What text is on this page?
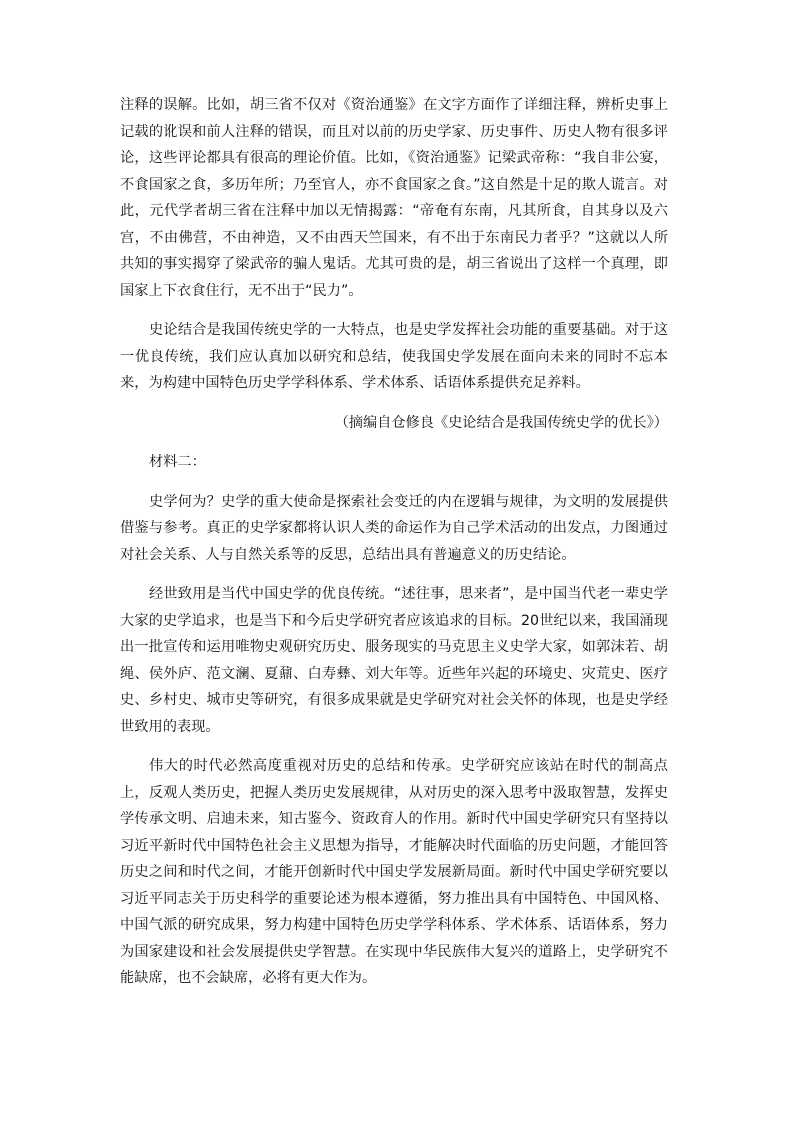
注释的误解。比如，胡三省不仅对《资治通鉴》在文字方面作了详细注释，辨析史事上记载的讹误和前人注释的错误，而且对以前的历史学家、历史事件、历史人物有很多评论，这些评论都具有很高的理论价值。比如，《资治通鉴》记梁武帝称：“我自非公宴，不食国家之食，多历年所；乃至官人，亦不食国家之食。”这自然是十足的欺人谎言。对此，元代学者胡三省在注释中加以无情揭露：“帝奄有东南，凡其所食，自其身以及六宫，不由佛营，不由神造，又不由西天竺国来，有不出于东南民力者乎？”这就以人所共知的事实揭穿了梁武帝的骗人鬼话。尤其可贵的是，胡三省说出了这样一个真理，即国家上下衣食住行，无不出于“民力”。

史论结合是我国传统史学的一大特点，也是史学发挥社会功能的重要基础。对于这一优良传统，我们应认真加以研究和总结，使我国史学发展在面向未来的同时不忘本来，为构建中国特色历史学学科体系、学术体系、话语体系提供充足养料。

（摘编自仓修良《史论结合是我国传统史学的优长》）

材料二：

史学何为？史学的重大使命是探索社会变迁的内在逻辑与规律，为文明的发展提供借鉴与参考。真正的史学家都将认识人类的命运作为自己学术活动的出发点，力图通过对社会关系、人与自然关系等的反思，总结出具有普遍意义的历史结论。

经世致用是当代中国史学的优良传统。“述往事，思来者”，是中国当代老一辈史学大家的史学追求，也是当下和今后史学研究者应该追求的目标。20世纪以来，我国涌现出一批宣传和运用唯物史观研究历史、服务现实的马克思主义史学大家，如郭沫若、胡绳、侯外庐、范文澜、夏鼐、白寿彝、刘大年等。近些年兴起的环境史、灾荒史、医疗史、乡村史、城市史等研究，有很多成果就是史学研究对社会关怀的体现，也是史学经世致用的表现。

伟大的时代必然高度重视对历史的总结和传承。史学研究应该站在时代的制高点上，反观人类历史，把握人类历史发展规律，从对历史的深入思考中汲取智慧，发挥史学传承文明、启迪未来，知古鉴今、资政育人的作用。新时代中国史学研究只有坚持以习近平新时代中国特色社会主义思想为指导，才能解决时代面临的历史问题，才能回答历史之间和时代之间，才能开创新时代中国史学发展新局面。新时代中国史学研究要以习近平同志关于历史科学的重要论述为根本遵循，努力推出具有中国特色、中国风格、中国气派的研究成果，努力构建中国特色历史学学科体系、学术体系、话语体系，努力为国家建设和社会发展提供史学智慧。在实现中华民族伟大复兴的道路上，史学研究不能缺席，也不会缺席，必将有更大作为。
